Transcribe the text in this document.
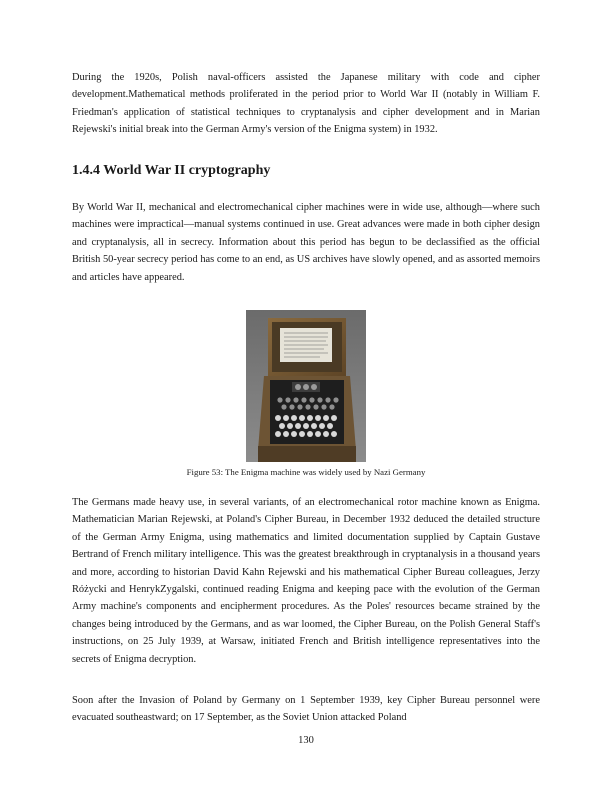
During the 1920s, Polish naval-officers assisted the Japanese military with code and cipher development.Mathematical methods proliferated in the period prior to World War II (notably in William F. Friedman's application of statistical techniques to cryptanalysis and cipher development and in Marian Rejewski's initial break into the German Army's version of the Enigma system) in 1932.

1.4.4 World War II cryptography

By World War II, mechanical and electromechanical cipher machines were in wide use, although—where such machines were impractical—manual systems continued in use. Great advances were made in both cipher design and cryptanalysis, all in secrecy. Information about this period has begun to be declassified as the official British 50-year secrecy period has come to an end, as US archives have slowly opened, and as assorted memoirs and articles have appeared.

Figure 53: The Enigma machine was widely used by Nazi Germany

The Germans made heavy use, in several variants, of an electromechanical rotor machine known as Enigma. Mathematician Marian Rejewski, at Poland's Cipher Bureau, in December 1932 deduced the detailed structure of the German Army Enigma, using mathematics and limited documentation supplied by Captain Gustave Bertrand of French military intelligence. This was the greatest breakthrough in cryptanalysis in a thousand years and more, according to historian David Kahn Rejewski and his mathematical Cipher Bureau colleagues, Jerzy Różycki and HenrykZygalski, continued reading Enigma and keeping pace with the evolution of the German Army machine's components and encipherment procedures. As the Poles' resources became strained by the changes being introduced by the Germans, and as war loomed, the Cipher Bureau, on the Polish General Staff's instructions, on 25 July 1939, at Warsaw, initiated French and British intelligence representatives into the secrets of Enigma decryption.

Soon after the Invasion of Poland by Germany on 1 September 1939, key Cipher Bureau personnel were evacuated southeastward; on 17 September, as the Soviet Union attacked Poland

130
